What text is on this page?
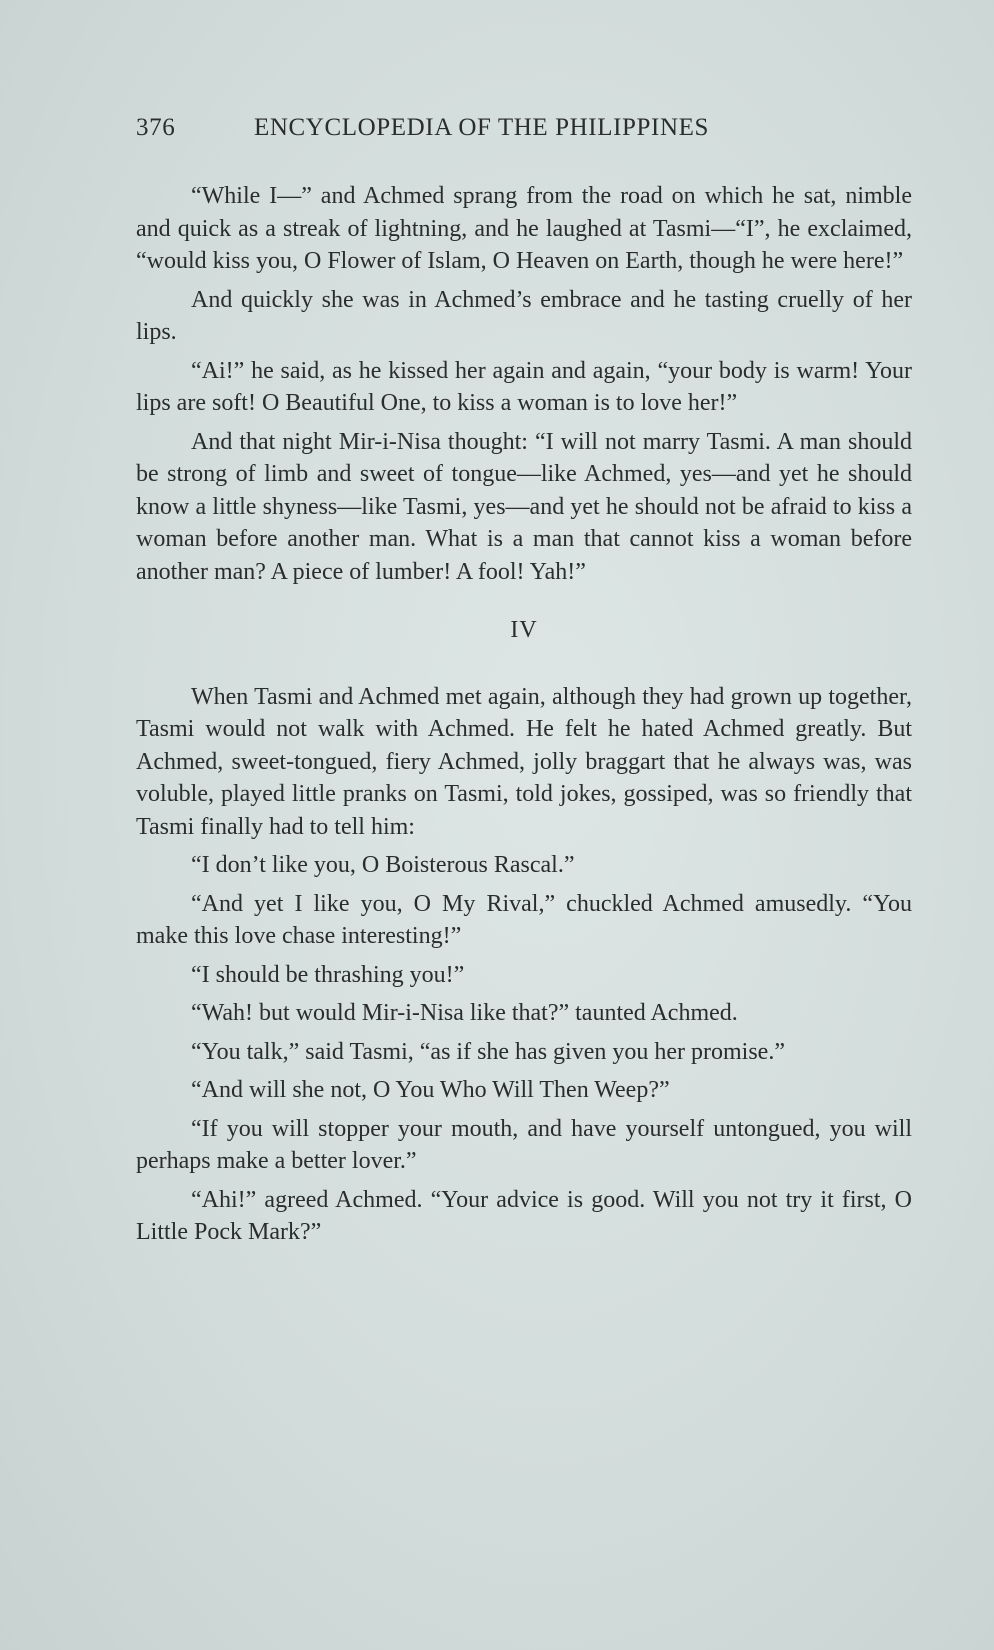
376	ENCYCLOPEDIA OF THE PHILIPPINES

“While I—” and Achmed sprang from the road on which he sat, nimble and quick as a streak of lightning, and he laughed at Tasmi—“I”, he exclaimed, “would kiss you, O Flower of Islam, O Heaven on Earth, though he were here!”

And quickly she was in Achmed’s embrace and he tasting cruelly of her lips.

“Ai!” he said, as he kissed her again and again, “your body is warm! Your lips are soft! O Beautiful One, to kiss a woman is to love her!”

And that night Mir-i-Nisa thought: “I will not marry Tasmi. A man should be strong of limb and sweet of tongue—like Achmed, yes—and yet he should know a little shyness—like Tasmi, yes—and yet he should not be afraid to kiss a woman before another man. What is a man that cannot kiss a woman before another man? A piece of lumber! A fool! Yah!”

IV

When Tasmi and Achmed met again, although they had grown up together, Tasmi would not walk with Achmed. He felt he hated Achmed greatly. But Achmed, sweet-tongued, fiery Achmed, jolly braggart that he always was, was voluble, played little pranks on Tasmi, told jokes, gossiped, was so friendly that Tasmi finally had to tell him:

“I don’t like you, O Boisterous Rascal.”

“And yet I like you, O My Rival,” chuckled Achmed amusedly. “You make this love chase interesting!”

“I should be thrashing you!”

“Wah! but would Mir-i-Nisa like that?” taunted Achmed.

“You talk,” said Tasmi, “as if she has given you her promise.”

“And will she not, O You Who Will Then Weep?”

“If you will stopper your mouth, and have yourself untongued, you will perhaps make a better lover.”

“Ahi!” agreed Achmed. “Your advice is good. Will you not try it first, O Little Pock Mark?”
